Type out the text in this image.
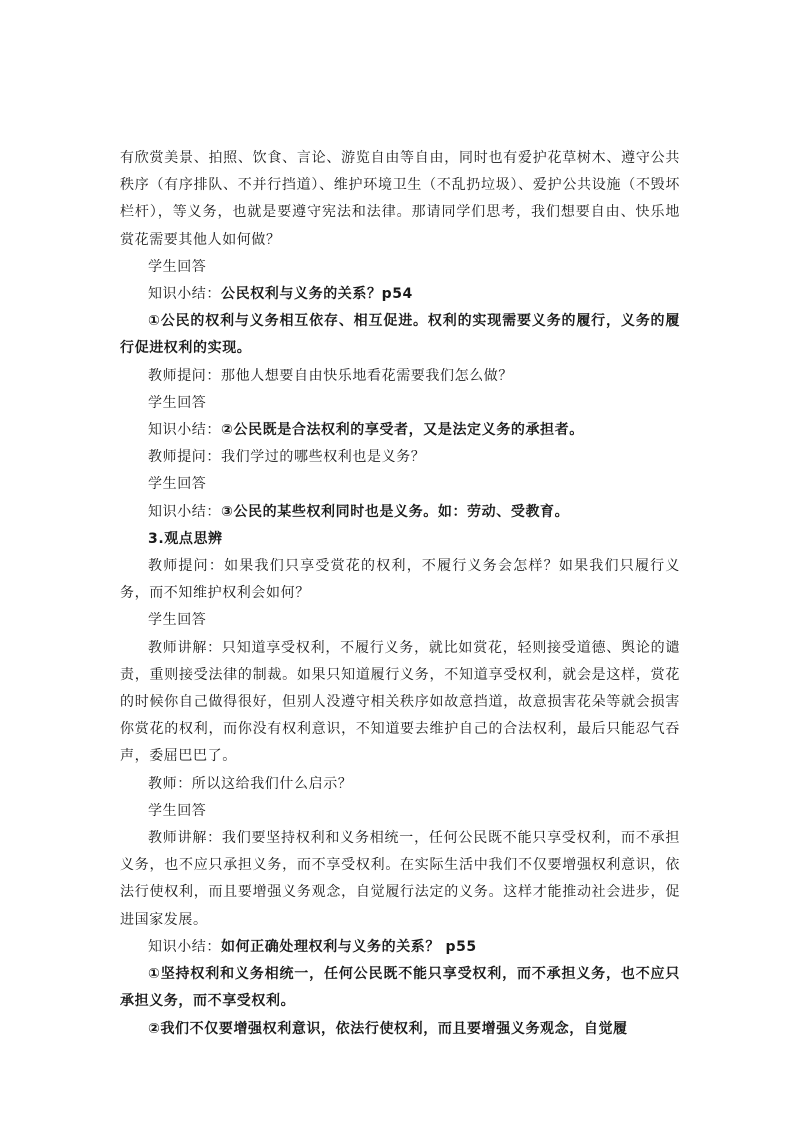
有欣赏美景、拍照、饮食、言论、游览自由等自由，同时也有爱护花草树木、遵守公共秩序（有序排队、不并行挡道）、维护环境卫生（不乱扔垃圾）、爱护公共设施（不毁坏栏杆），等义务，也就是要遵守宪法和法律。那请同学们思考，我们想要自由、快乐地赏花需要其他人如何做？

学生回答

知识小结：公民权利与义务的关系？p54

①公民的权利与义务相互依存、相互促进。权利的实现需要义务的履行，义务的履行促进权利的实现。

教师提问：那他人想要自由快乐地看花需要我们怎么做？

学生回答

知识小结：②公民既是合法权利的享受者，又是法定义务的承担者。

教师提问：我们学过的哪些权利也是义务？

学生回答

知识小结：③公民的某些权利同时也是义务。如：劳动、受教育。

3.观点思辨

教师提问：如果我们只享受赏花的权利，不履行义务会怎样？如果我们只履行义务，而不知维护权利会如何？

学生回答

教师讲解：只知道享受权利，不履行义务，就比如赏花，轻则接受道德、舆论的谴责，重则接受法律的制裁。如果只知道履行义务，不知道享受权利，就会是这样，赏花的时候你自己做得很好，但别人没遵守相关秩序如故意挡道，故意损害花朵等就会损害你赏花的权利，而你没有权利意识，不知道要去维护自己的合法权利，最后只能忍气吞声，委屈巴巴了。

教师：所以这给我们什么启示？

学生回答

教师讲解：我们要坚持权利和义务相统一，任何公民既不能只享受权利，而不承担义务，也不应只承担义务，而不享受权利。在实际生活中我们不仅要增强权利意识，依法行使权利，而且要增强义务观念，自觉履行法定的义务。这样才能推动社会进步，促进国家发展。

知识小结：如何正确处理权利与义务的关系？ p55

①坚持权利和义务相统一，任何公民既不能只享受权利，而不承担义务，也不应只承担义务，而不享受权利。

②我们不仅要增强权利意识，依法行使权利，而且要增强义务观念，自觉履
